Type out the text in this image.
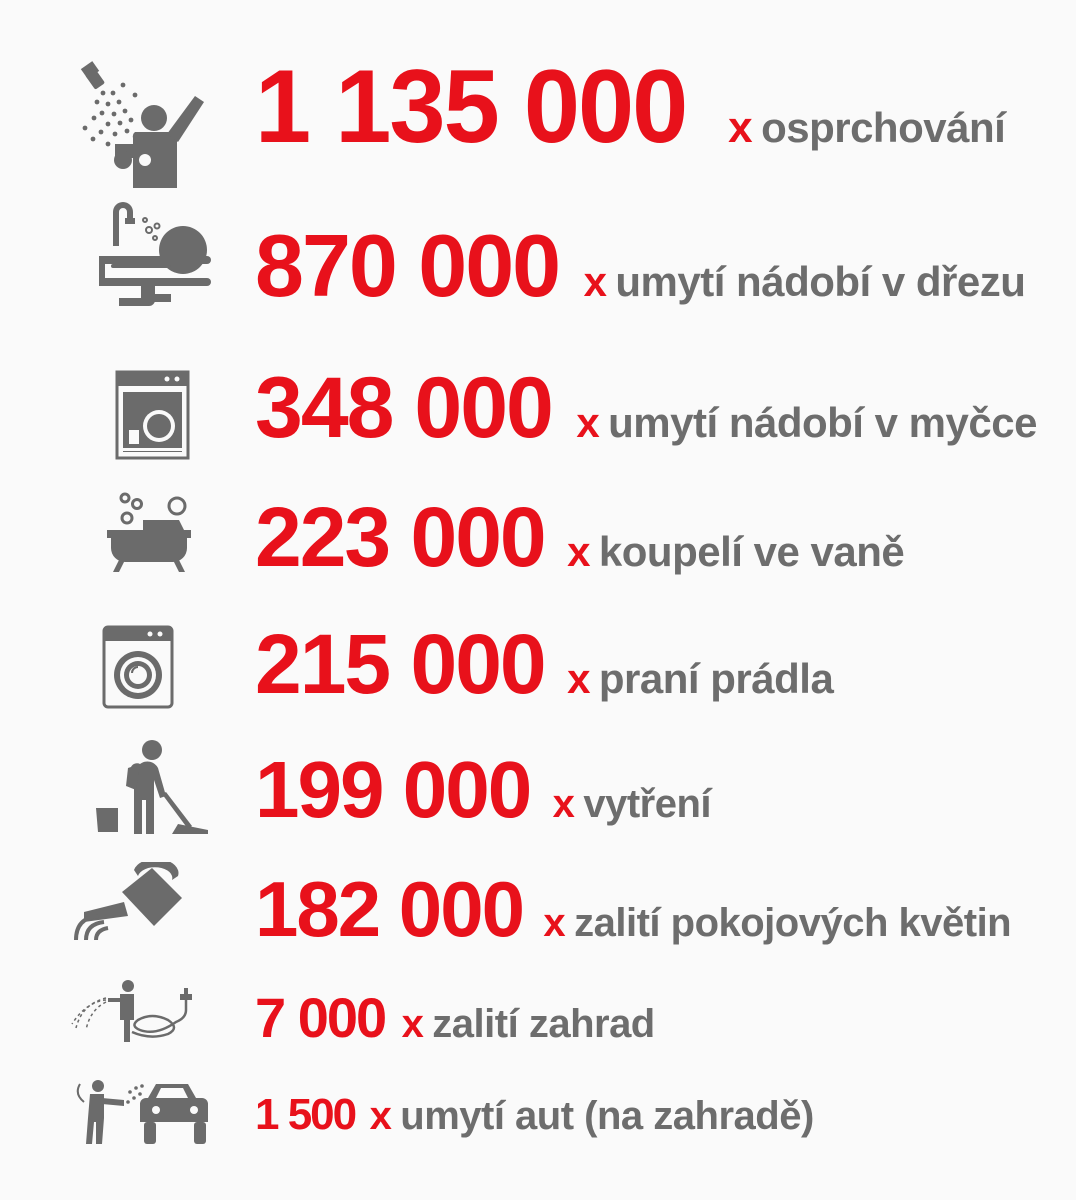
1 135 000 x osprchování
870 000 x umytí nádobí v dřezu
348 000 x umytí nádobí v myčce
223 000 x koupelí ve vaně
215 000 x praní prádla
199 000 x vytření
182 000 x zalití pokojových květin
7 000 x zalití zahrad
1 500 x umytí aut (na zahradě)
